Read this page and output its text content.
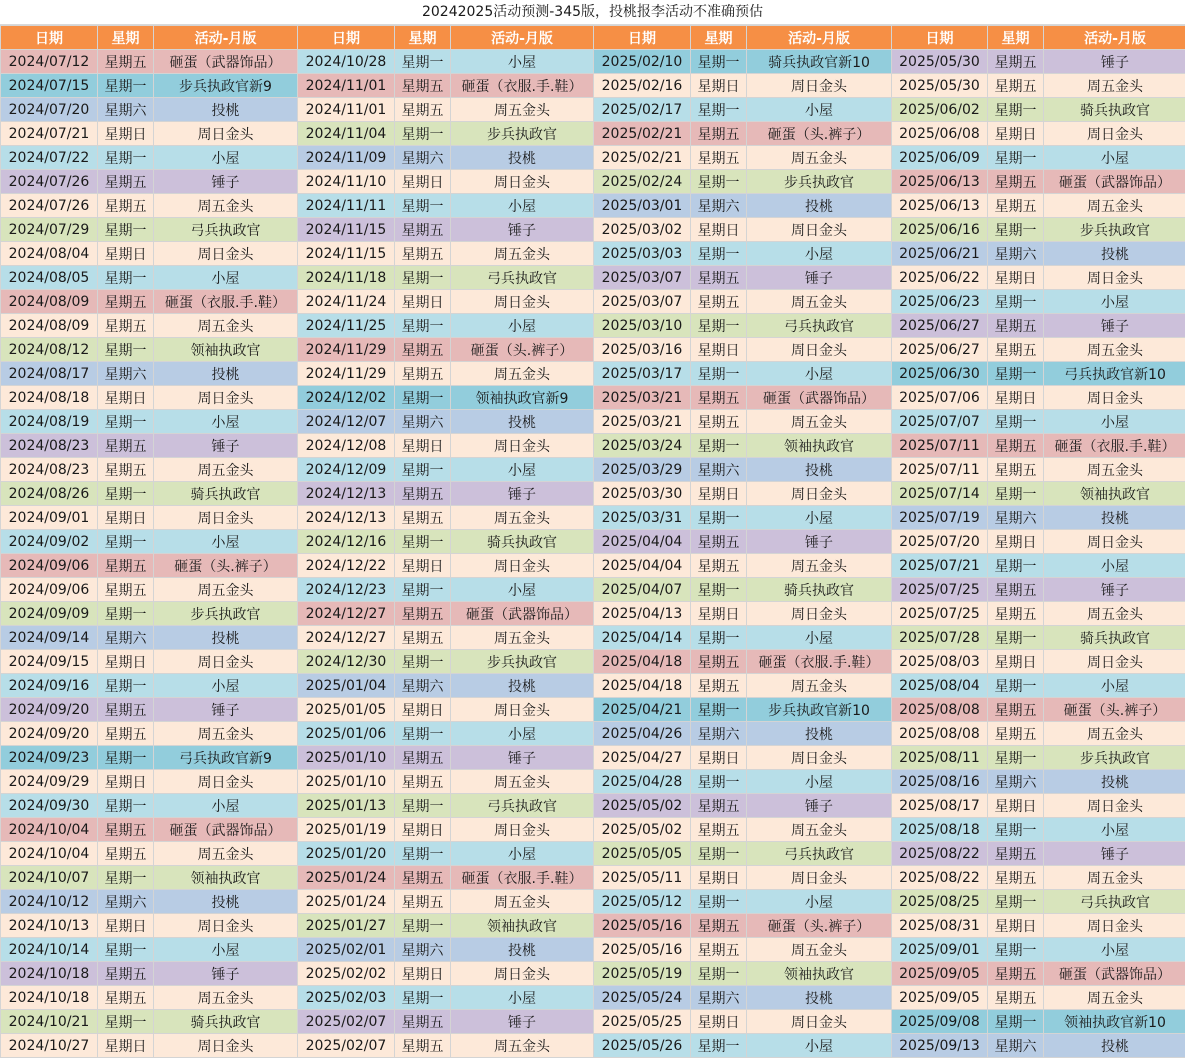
20242025活动预测-345版，投桃报李活动不准确预估
日期	星期	活动-月版	日期	星期	活动-月版	日期	星期	活动-月版	日期	星期	活动-月版
2024/07/12	星期五	砸蛋（武器饰品）	2024/10/28	星期一	小屋	2025/02/10	星期一	骑兵执政官新10	2025/05/30	星期五	锤子
2024/07/15	星期一	步兵执政官新9	2024/11/01	星期五	砸蛋（衣服.手.鞋）	2025/02/16	星期日	周日金头	2025/05/30	星期五	周五金头
2024/07/20	星期六	投桃	2024/11/01	星期五	周五金头	2025/02/17	星期一	小屋	2025/06/02	星期一	骑兵执政官
2024/07/21	星期日	周日金头	2024/11/04	星期一	步兵执政官	2025/02/21	星期五	砸蛋（头.裤子）	2025/06/08	星期日	周日金头
2024/07/22	星期一	小屋	2024/11/09	星期六	投桃	2025/02/21	星期五	周五金头	2025/06/09	星期一	小屋
2024/07/26	星期五	锤子	2024/11/10	星期日	周日金头	2025/02/24	星期一	步兵执政官	2025/06/13	星期五	砸蛋（武器饰品）
2024/07/26	星期五	周五金头	2024/11/11	星期一	小屋	2025/03/01	星期六	投桃	2025/06/13	星期五	周五金头
2024/07/29	星期一	弓兵执政官	2024/11/15	星期五	锤子	2025/03/02	星期日	周日金头	2025/06/16	星期一	步兵执政官
2024/08/04	星期日	周日金头	2024/11/15	星期五	周五金头	2025/03/03	星期一	小屋	2025/06/21	星期六	投桃
2024/08/05	星期一	小屋	2024/11/18	星期一	弓兵执政官	2025/03/07	星期五	锤子	2025/06/22	星期日	周日金头
2024/08/09	星期五	砸蛋（衣服.手.鞋）	2024/11/24	星期日	周日金头	2025/03/07	星期五	周五金头	2025/06/23	星期一	小屋
2024/08/09	星期五	周五金头	2024/11/25	星期一	小屋	2025/03/10	星期一	弓兵执政官	2025/06/27	星期五	锤子
2024/08/12	星期一	领袖执政官	2024/11/29	星期五	砸蛋（头.裤子）	2025/03/16	星期日	周日金头	2025/06/27	星期五	周五金头
2024/08/17	星期六	投桃	2024/11/29	星期五	周五金头	2025/03/17	星期一	小屋	2025/06/30	星期一	弓兵执政官新10
2024/08/18	星期日	周日金头	2024/12/02	星期一	领袖执政官新9	2025/03/21	星期五	砸蛋（武器饰品）	2025/07/06	星期日	周日金头
2024/08/19	星期一	小屋	2024/12/07	星期六	投桃	2025/03/21	星期五	周五金头	2025/07/07	星期一	小屋
2024/08/23	星期五	锤子	2024/12/08	星期日	周日金头	2025/03/24	星期一	领袖执政官	2025/07/11	星期五	砸蛋（衣服.手.鞋）
2024/08/23	星期五	周五金头	2024/12/09	星期一	小屋	2025/03/29	星期六	投桃	2025/07/11	星期五	周五金头
2024/08/26	星期一	骑兵执政官	2024/12/13	星期五	锤子	2025/03/30	星期日	周日金头	2025/07/14	星期一	领袖执政官
2024/09/01	星期日	周日金头	2024/12/13	星期五	周五金头	2025/03/31	星期一	小屋	2025/07/19	星期六	投桃
2024/09/02	星期一	小屋	2024/12/16	星期一	骑兵执政官	2025/04/04	星期五	锤子	2025/07/20	星期日	周日金头
2024/09/06	星期五	砸蛋（头.裤子）	2024/12/22	星期日	周日金头	2025/04/04	星期五	周五金头	2025/07/21	星期一	小屋
2024/09/06	星期五	周五金头	2024/12/23	星期一	小屋	2025/04/07	星期一	骑兵执政官	2025/07/25	星期五	锤子
2024/09/09	星期一	步兵执政官	2024/12/27	星期五	砸蛋（武器饰品）	2025/04/13	星期日	周日金头	2025/07/25	星期五	周五金头
2024/09/14	星期六	投桃	2024/12/27	星期五	周五金头	2025/04/14	星期一	小屋	2025/07/28	星期一	骑兵执政官
2024/09/15	星期日	周日金头	2024/12/30	星期一	步兵执政官	2025/04/18	星期五	砸蛋（衣服.手.鞋）	2025/08/03	星期日	周日金头
2024/09/16	星期一	小屋	2025/01/04	星期六	投桃	2025/04/18	星期五	周五金头	2025/08/04	星期一	小屋
2024/09/20	星期五	锤子	2025/01/05	星期日	周日金头	2025/04/21	星期一	步兵执政官新10	2025/08/08	星期五	砸蛋（头.裤子）
2024/09/20	星期五	周五金头	2025/01/06	星期一	小屋	2025/04/26	星期六	投桃	2025/08/08	星期五	周五金头
2024/09/23	星期一	弓兵执政官新9	2025/01/10	星期五	锤子	2025/04/27	星期日	周日金头	2025/08/11	星期一	步兵执政官
2024/09/29	星期日	周日金头	2025/01/10	星期五	周五金头	2025/04/28	星期一	小屋	2025/08/16	星期六	投桃
2024/09/30	星期一	小屋	2025/01/13	星期一	弓兵执政官	2025/05/02	星期五	锤子	2025/08/17	星期日	周日金头
2024/10/04	星期五	砸蛋（武器饰品）	2025/01/19	星期日	周日金头	2025/05/02	星期五	周五金头	2025/08/18	星期一	小屋
2024/10/04	星期五	周五金头	2025/01/20	星期一	小屋	2025/05/05	星期一	弓兵执政官	2025/08/22	星期五	锤子
2024/10/07	星期一	领袖执政官	2025/01/24	星期五	砸蛋（衣服.手.鞋）	2025/05/11	星期日	周日金头	2025/08/22	星期五	周五金头
2024/10/12	星期六	投桃	2025/01/24	星期五	周五金头	2025/05/12	星期一	小屋	2025/08/25	星期一	弓兵执政官
2024/10/13	星期日	周日金头	2025/01/27	星期一	领袖执政官	2025/05/16	星期五	砸蛋（头.裤子）	2025/08/31	星期日	周日金头
2024/10/14	星期一	小屋	2025/02/01	星期六	投桃	2025/05/16	星期五	周五金头	2025/09/01	星期一	小屋
2024/10/18	星期五	锤子	2025/02/02	星期日	周日金头	2025/05/19	星期一	领袖执政官	2025/09/05	星期五	砸蛋（武器饰品）
2024/10/18	星期五	周五金头	2025/02/03	星期一	小屋	2025/05/24	星期六	投桃	2025/09/05	星期五	周五金头
2024/10/21	星期一	骑兵执政官	2025/02/07	星期五	锤子	2025/05/25	星期日	周日金头	2025/09/08	星期一	领袖执政官新10
2024/10/27	星期日	周日金头	2025/02/07	星期五	周五金头	2025/05/26	星期一	小屋	2025/09/13	星期六	投桃
